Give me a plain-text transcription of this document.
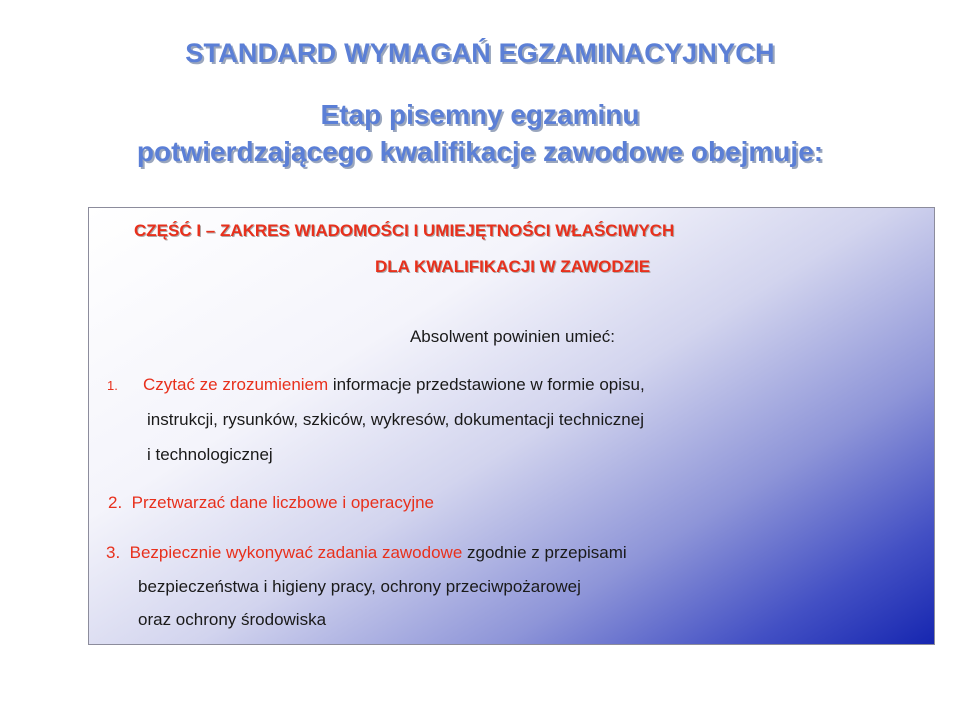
STANDARD WYMAGAŃ EGZAMINACYJNYCH
Etap pisemny egzaminu
potwierdzającego kwalifikacje zawodowe obejmuje:
CZĘŚĆ I – ZAKRES WIADOMOŚCI I UMIEJĘTNOŚCI WŁAŚCIWYCH
DLA KWALIFIKACJI W ZAWODZIE
Absolwent powinien umieć:
1. Czytać ze zrozumieniem informacje przedstawione w formie opisu,
instrukcji, rysunków, szkiców, wykresów, dokumentacji technicznej
i technologicznej
2. Przetwarzać dane liczbowe i operacyjne
3. Bezpiecznie wykonywać zadania zawodowe zgodnie z przepisami
bezpieczeństwa i higieny pracy, ochrony przeciwpożarowej
oraz ochrony środowiska
